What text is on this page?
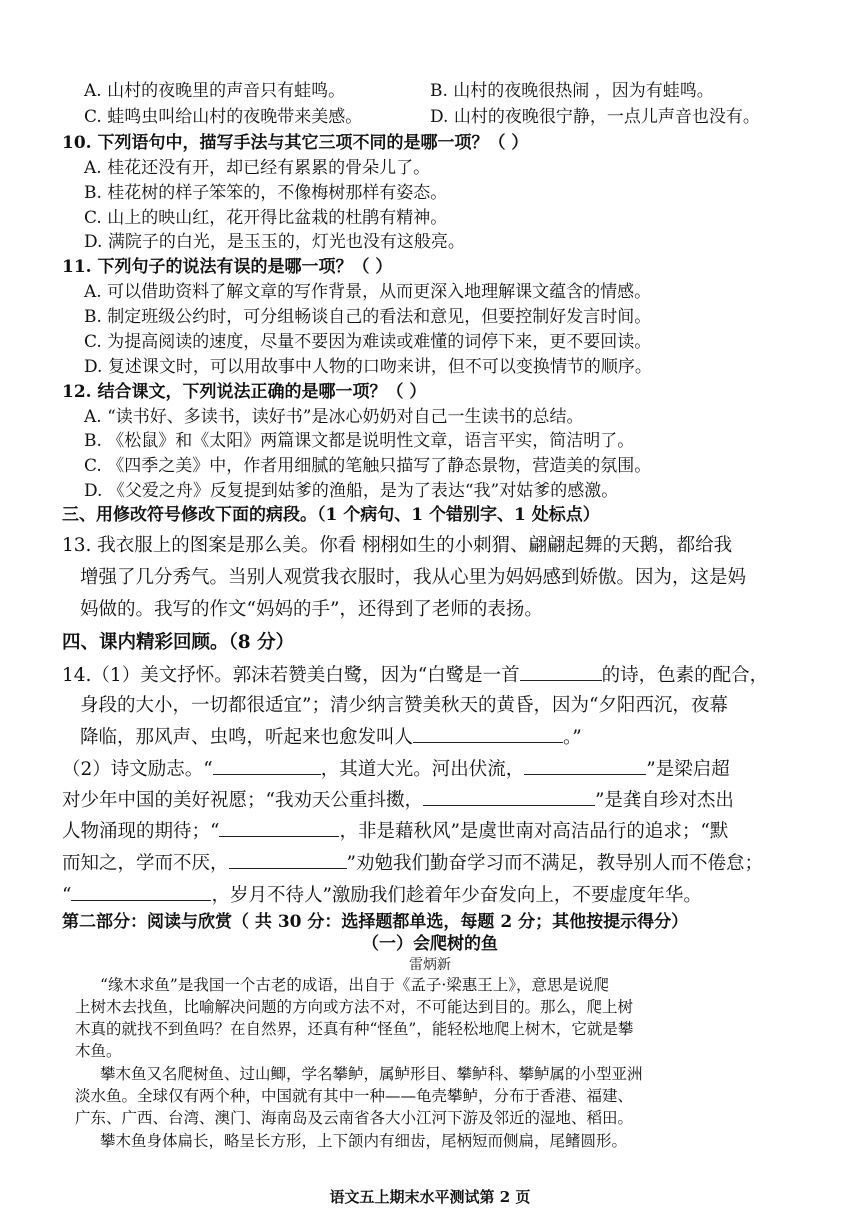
A. 山村的夜晚里的声音只有蛙鸣。	B. 山村的夜晚很热闹 ，因为有蛙鸣。
C. 蛙鸣虫叫给山村的夜晚带来美感。	D. 山村的夜晚很宁静，一点儿声音也没有。
10. 下列语句中，描写手法与其它三项不同的是哪一项？（ ）
A. 桂花还没有开，却已经有累累的骨朵儿了。
B. 桂花树的样子笨笨的，不像梅树那样有姿态。
C. 山上的映山红，花开得比盆栽的杜鹃有精神。
D. 满院子的白光，是玉玉的，灯光也没有这般亮。
11. 下列句子的说法有误的是哪一项？（ ）
A. 可以借助资料了解文章的写作背景，从而更深入地理解课文蕴含的情感。
B. 制定班级公约时，可分组畅谈自己的看法和意见，但要控制好发言时间。
C. 为提高阅读的速度，尽量不要因为难读或难懂的词停下来，更不要回读。
D. 复述课文时，可以用故事中人物的口吻来讲，但不可以变换情节的顺序。
12. 结合课文，下列说法正确的是哪一项？（ ）
A. “读书好、多读书，读好书”是冰心奶奶对自己一生读书的总结。
B. 《松鼠》和《太阳》两篇课文都是说明性文章，语言平实，简洁明了。
C. 《四季之美》中，作者用细腻的笔触只描写了静态景物，营造美的氛围。
D. 《父爱之舟》反复提到姑爹的渔船，是为了表达“我”对姑爹的感激。
三、用修改符号修改下面的病段。（1 个病句、1 个错别字、1 处标点）
13. 我衣服上的图案是那么美。你看 栩栩如生的小刺猬、翩翩起舞的天鹅，都给我
增强了几分秀气。当别人观赏我衣服时，我从心里为妈妈感到娇傲。因为，这是妈
妈做的。我写的作文“妈妈的手”，还得到了老师的表扬。
四、课内精彩回顾。（8 分）
14.（1）美文抒怀。郭沫若赞美白鹭，因为“白鹭是一首	的诗，色素的配合，
身段的大小，一切都很适宜”；清少纳言赞美秋天的黄昏，因为“夕阳西沉，夜幕
降临，那风声、虫鸣，听起来也愈发叫人	。”
（2）诗文励志。“	，其道大光。河出伏流，	”是梁启超
对少年中国的美好祝愿；“我劝天公重抖擞，	”是龚自珍对杰出
人物涌现的期待；“	，非是藉秋风”是虞世南对高洁品行的追求；“默
而知之，学而不厌，	”劝勉我们勤奋学习而不满足，教导别人而不倦怠；
“	，岁月不待人”激励我们趁着年少奋发向上，不要虚度年华。
第二部分：阅读与欣赏（ 共 30 分：选择题都单选，每题 2 分；其他按提示得分）
（一）会爬树的鱼
雷炳新
“缘木求鱼”是我国一个古老的成语，出自于《孟子·梁惠王上》，意思是说爬
上树木去找鱼，比喻解决问题的方向或方法不对，不可能达到目的。那么，爬上树
木真的就找不到鱼吗？在自然界，还真有种“怪鱼”，能轻松地爬上树木，它就是攀
木鱼。
攀木鱼又名爬树鱼、过山鲫，学名攀鲈，属鲈形目、攀鲈科、攀鲈属的小型亚洲
淡水鱼。全球仅有两个种，中国就有其中一种——龟壳攀鲈，分布于香港、福建、
广东、广西、台湾、澳门、海南岛及云南省各大小江河下游及邻近的湿地、稻田。
攀木鱼身体扁长，略呈长方形，上下颌内有细齿，尾柄短而侧扁，尾鳍圆形。
语文五上期末水平测试第 2 页
